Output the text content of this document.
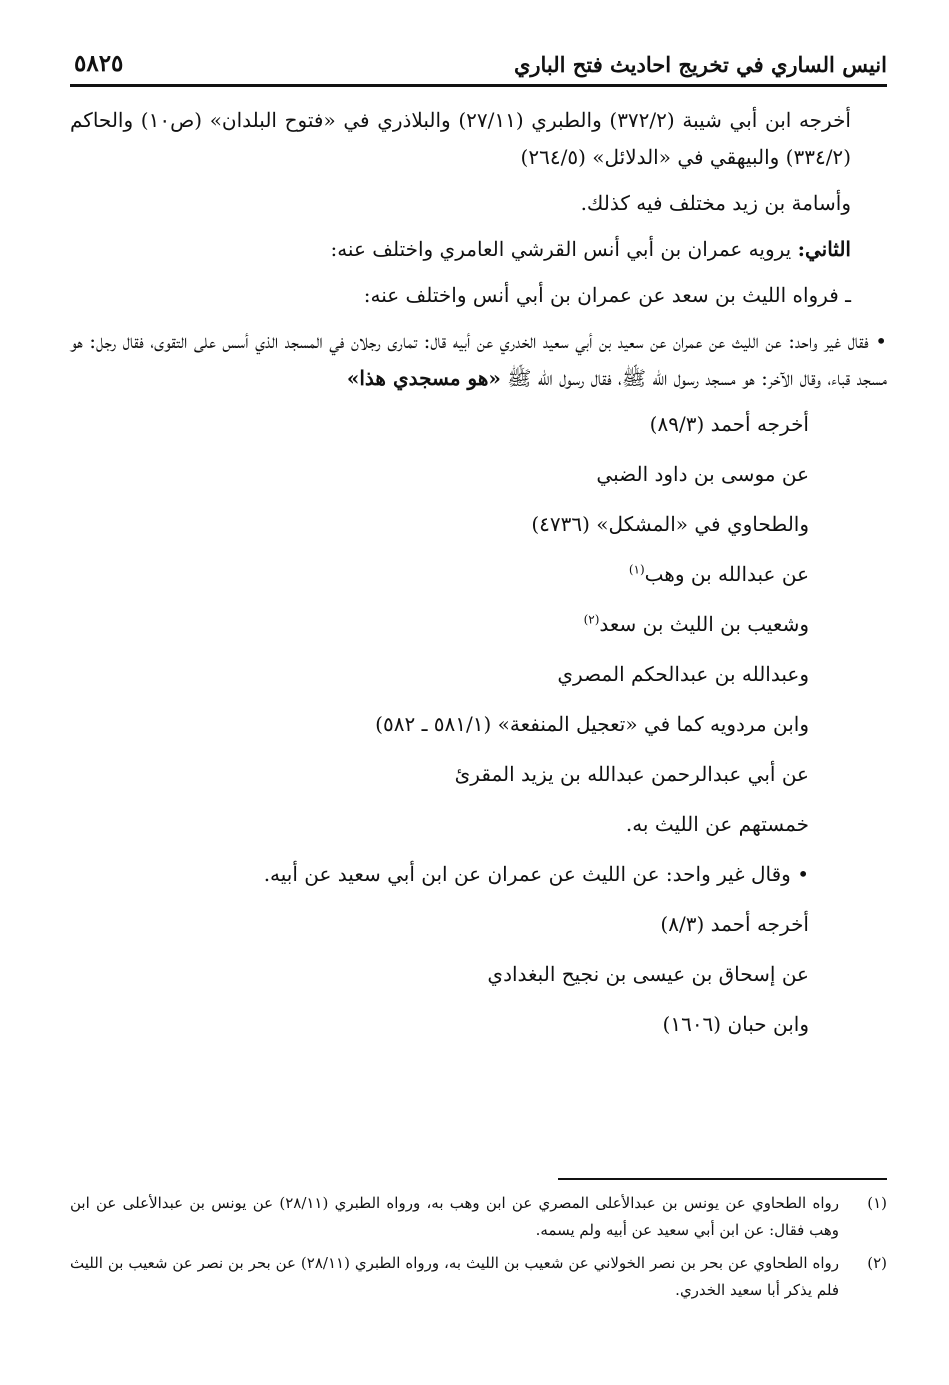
انيس الساري في تخريج احاديث فتح الباري
٥٨٢٥

أخرجه ابن أبي شيبة (٣٧٢/٢) والطبري (٢٧/١١) والبلاذري في «فتوح البلدان» (ص١٠) والحاكم (٣٣٤/٢) والبيهقي في «الدلائل» (٢٦٤/٥)

وأسامة بن زيد مختلف فيه كذلك.

الثاني: يرويه عمران بن أبي أنس القرشي العامري واختلف عنه:

ـ فرواه الليث بن سعد عن عمران بن أبي أنس واختلف عنه:

• فقال غير واحد: عن الليث عن عمران عن سعيد بن أبي سعيد الخدري عن أبيه قال: تمارى رجلان في المسجد الذي أسس على التقوى، فقال رجل: هو مسجد قباء، وقال الآخر: هو مسجد رسول الله ﷺ، فقال رسول الله ﷺ «هو مسجدي هذا»

أخرجه أحمد (٨٩/٣)
عن موسى بن داود الضبي
والطحاوي في «المشكل» (٤٧٣٦)
عن عبدالله بن وهب$^{(١)}$
وشعيب بن الليث بن سعد$^{(٢)}$
وعبدالله بن عبدالحكم المصري
وابن مردويه كما في «تعجيل المنفعة» (٥٨١/١ ـ ٥٨٢)
عن أبي عبدالرحمن عبدالله بن يزيد المقرئ
خمستهم عن الليث به.
• وقال غير واحد: عن الليث عن عمران عن ابن أبي سعيد عن أبيه.
أخرجه أحمد (٨/٣)
عن إسحاق بن عيسى بن نجيح البغدادي
وابن حبان (١٦٠٦)
(١)
رواه الطحاوي عن يونس بن عبدالأعلى المصري عن ابن وهب به، ورواه الطبري (٢٨/١١) عن يونس بن عبدالأعلى عن ابن وهب فقال: عن ابن أبي سعيد عن أبيه ولم يسمه.
(٢)
رواه الطحاوي عن بحر بن نصر الخولاني عن شعيب بن الليث به، ورواه الطبري (٢٨/١١) عن بحر بن نصر عن شعيب بن الليث فلم يذكر أبا سعيد الخدري.
